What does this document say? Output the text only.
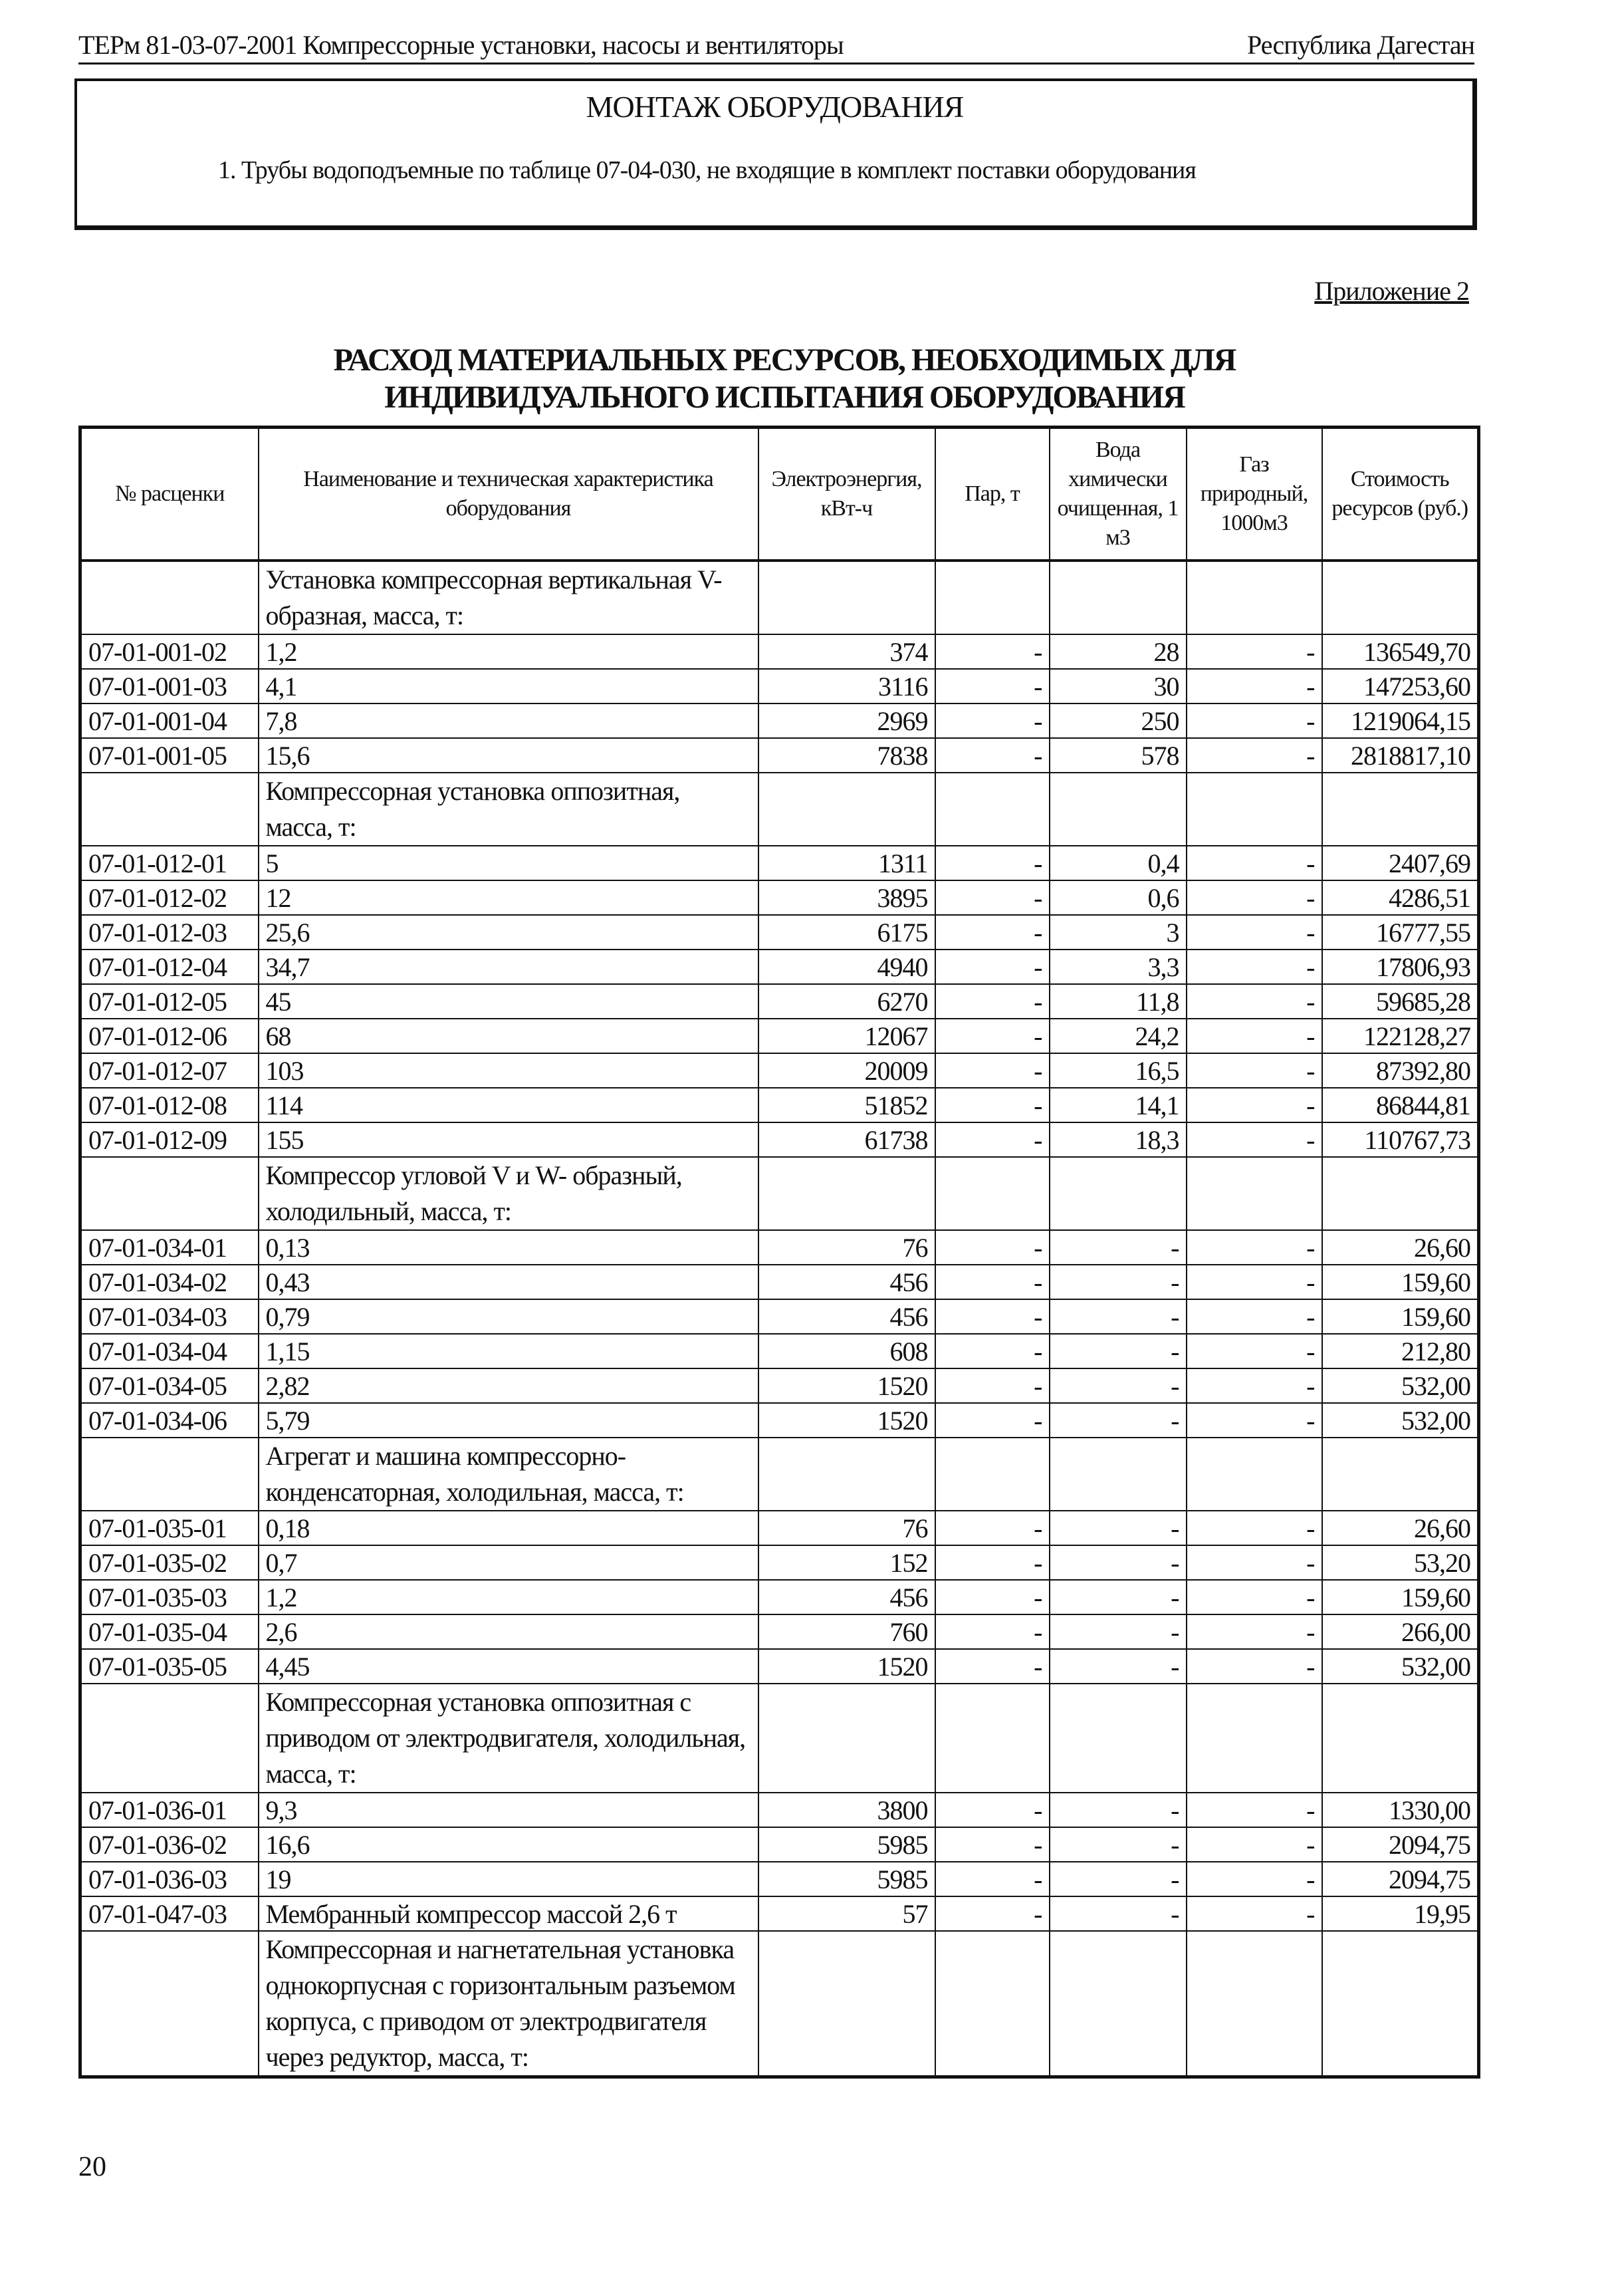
ТЕРм 81-03-07-2001 Компрессорные установки, насосы и вентиляторы	Республика Дагестан
МОНТАЖ ОБОРУДОВАНИЯ
1. Трубы водоподъемные по таблице 07-04-030, не входящие в комплект поставки оборудования
Приложение 2
РАСХОД МАТЕРИАЛЬНЫХ РЕСУРСОВ, НЕОБХОДИМЫХ ДЛЯ
ИНДИВИДУАЛЬНОГО ИСПЫТАНИЯ ОБОРУДОВАНИЯ
№ расценки	Наименование и техническая характеристика оборудования	Электроэнергия, кВт-ч	Пар, т	Вода химически очищенная, 1 м3	Газ природный, 1000м3	Стоимость ресурсов (руб.)
	Установка компрессорная вертикальная V-образная, масса, т:					
07-01-001-02	1,2	374	-	28	-	136549,70
07-01-001-03	4,1	3116	-	30	-	147253,60
07-01-001-04	7,8	2969	-	250	-	1219064,15
07-01-001-05	15,6	7838	-	578	-	2818817,10
	Компрессорная установка оппозитная, масса, т:					
07-01-012-01	5	1311	-	0,4	-	2407,69
07-01-012-02	12	3895	-	0,6	-	4286,51
07-01-012-03	25,6	6175	-	3	-	16777,55
07-01-012-04	34,7	4940	-	3,3	-	17806,93
07-01-012-05	45	6270	-	11,8	-	59685,28
07-01-012-06	68	12067	-	24,2	-	122128,27
07-01-012-07	103	20009	-	16,5	-	87392,80
07-01-012-08	114	51852	-	14,1	-	86844,81
07-01-012-09	155	61738	-	18,3	-	110767,73
	Компрессор угловой V и W- образный, холодильный, масса, т:					
07-01-034-01	0,13	76	-	-	-	26,60
07-01-034-02	0,43	456	-	-	-	159,60
07-01-034-03	0,79	456	-	-	-	159,60
07-01-034-04	1,15	608	-	-	-	212,80
07-01-034-05	2,82	1520	-	-	-	532,00
07-01-034-06	5,79	1520	-	-	-	532,00
	Агрегат и машина компрессорно-конденсаторная, холодильная, масса, т:					
07-01-035-01	0,18	76	-	-	-	26,60
07-01-035-02	0,7	152	-	-	-	53,20
07-01-035-03	1,2	456	-	-	-	159,60
07-01-035-04	2,6	760	-	-	-	266,00
07-01-035-05	4,45	1520	-	-	-	532,00
	Компрессорная установка оппозитная с приводом от электродвигателя, холодильная, масса, т:					
07-01-036-01	9,3	3800	-	-	-	1330,00
07-01-036-02	16,6	5985	-	-	-	2094,75
07-01-036-03	19	5985	-	-	-	2094,75
07-01-047-03	Мембранный компрессор массой 2,6 т	57	-	-	-	19,95
	Компрессорная и нагнетательная установка однокорпусная с горизонтальным разъемом корпуса, с приводом от электродвигателя через редуктор, масса, т:					
20
